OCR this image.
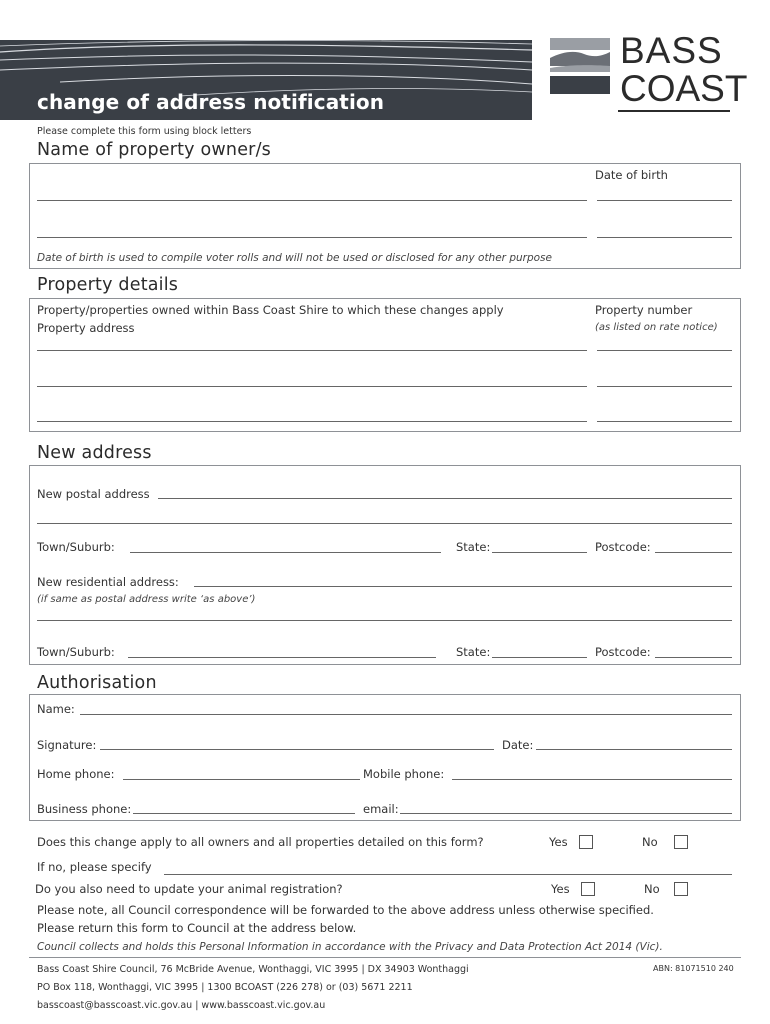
change of address notification
BASS
COAST
Please complete this form using block letters
Name of property owner/s
Date of birth
Date of birth is used to compile voter rolls and will not be used or disclosed for any other purpose
Property details
Property/properties owned within Bass Coast Shire to which these changes apply
Property address
Property number
(as listed on rate notice)
New address
New postal address
Town/Suburb:	State:	Postcode:
New residential address:
(if same as postal address write ‘as above’)
Town/Suburb:	State:	Postcode:
Authorisation
Name:
Signature:	Date:
Home phone:	Mobile phone:
Business phone:	email:
Does this change apply to all owners and all properties detailed on this form?	Yes	No
If no, please specify
Do you also need to update your animal registration?	Yes	No
Please note, all Council correspondence will be forwarded to the above address unless otherwise specified.
Please return this form to Council at the address below.
Council collects and holds this Personal Information in accordance with the Privacy and Data Protection Act 2014 (Vic).
Bass Coast Shire Council, 76 McBride Avenue, Wonthaggi, VIC 3995 | DX 34903 Wonthaggi	ABN: 81071510 240
PO Box 118, Wonthaggi, VIC 3995 | 1300 BCOAST (226 278) or (03) 5671 2211
basscoast@basscoast.vic.gov.au | www.basscoast.vic.gov.au
